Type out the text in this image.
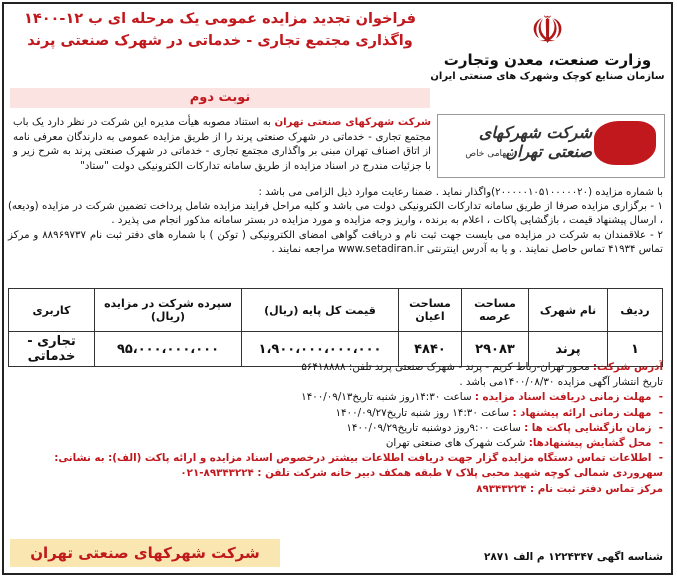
☫
وزارت صنعت، معدن وتجارت
سازمان صنایع کوچک وشهرک های صنعتی ایران
فراخوان تجدید مزایده عمومی یک مرحله ای ب ۱۲-۱۴۰۰
واگذاری مجتمع تجاری - خدماتی در شهرک صنعتی پرند
نوبت دوم
شرکت شهرکهای صنعتی تهران
سهامی خاص
شرکت شهرکهای صنعتی تهران به استناد مصوبه هیأت مدیره این شرکت در نظر دارد یک باب مجتمع تجاری - خدماتی در شهرک صنعتی پرند را از طریق مزایده عمومی به دارندگان معرفی نامه از اتاق اصناف تهران مبنی بر واگذاری مجتمع تجاری - خدماتی در شهرک صنعتی پرند به شرح زیر و با جزئیات مندرج در اسناد مزایده از طریق سامانه تدارکات الکترونیکی دولت "ستاد"
با شماره مزایده (۲۰۰۰۰۰۱۰۵۱۰۰۰۰۰۲۰)واگذار نماید . ضمنا رعایت موارد ذیل الزامی می باشد :
۱ - برگزاری مزایده صرفا از طریق سامانه تدارکات الکترونیکی دولت می باشد و کلیه مراحل فرایند مزایده شامل پرداخت تضمین شرکت در مزایده (ودیعه) ، ارسال پیشنهاد قیمت ، بازگشایی پاکات ، اعلام به برنده ، واریز وجه مزایده و مورد مزایده در بستر سامانه مذکور انجام می پذیرد .
۲ - علاقمندان به شرکت در مزایده می بایست جهت ثبت نام و دریافت گواهی امضای الکترونیکی ( توکن ) با شماره های دفتر ثبت نام ۸۸۹۶۹۷۳۷ و مرکز تماس ۴۱۹۳۴ تماس حاصل نمایند . و یا به آدرس اینترنتی www.setadiran.ir مراجعه نمایند .
ردیف	نام شهرک	مساحت عرصه	مساحت اعیان	قیمت کل پایه (ریال)	سپرده شرکت در مزایده (ریال)	کاربری
۱	پرند	۲۹۰۸۳	۴۸۴۰	۱،۹۰۰،۰۰۰،۰۰۰،۰۰۰	۹۵،۰۰۰،۰۰۰،۰۰۰	تجاری - خدماتی
آدرس شرکت: محور تهران-رباط کریم - پرند - شهرک صنعتی پرند تلفن: ۵۶۴۱۸۸۸۸
تاریخ انتشار آگهی مزایده ۱۴۰۰/۰۸/۳۰می باشد .
- مهلت زمانی دریافت اسناد مزایده : ساعت ۱۴:۳۰روز شنبه تاریخ۱۴۰۰/۰۹/۱۳
- مهلت زمانی ارائه پیشنهاد : ساعت ۱۴:۳۰ روز شنبه تاریخ۱۴۰۰/۰۹/۲۷
- زمان بازگشایی پاکت ها : ساعت ۹:۰۰روز دوشنبه تاریخ۱۴۰۰/۰۹/۲۹
- محل گشایش پیشنهادها: شرکت شهرک های صنعتی تهران
- اطلاعات تماس دستگاه مزایده گزار جهت دریافت اطلاعات بیشتر درخصوص اسناد مزایده و ارائه پاکت (الف): به نشانی: سهروردی شمالی کوچه شهید محبی پلاک ۷ طبقه همکف دبیر خانه شرکت تلفن : ۸۹۳۴۳۲۲۴-۰۲۱
مرکز تماس دفتر ثبت نام : ۸۹۳۴۳۲۲۴
شرکت شهرکهای صنعتی تهران	شناسه اگهی ۱۲۲۴۳۴۷ م الف ۲۸۷۱
